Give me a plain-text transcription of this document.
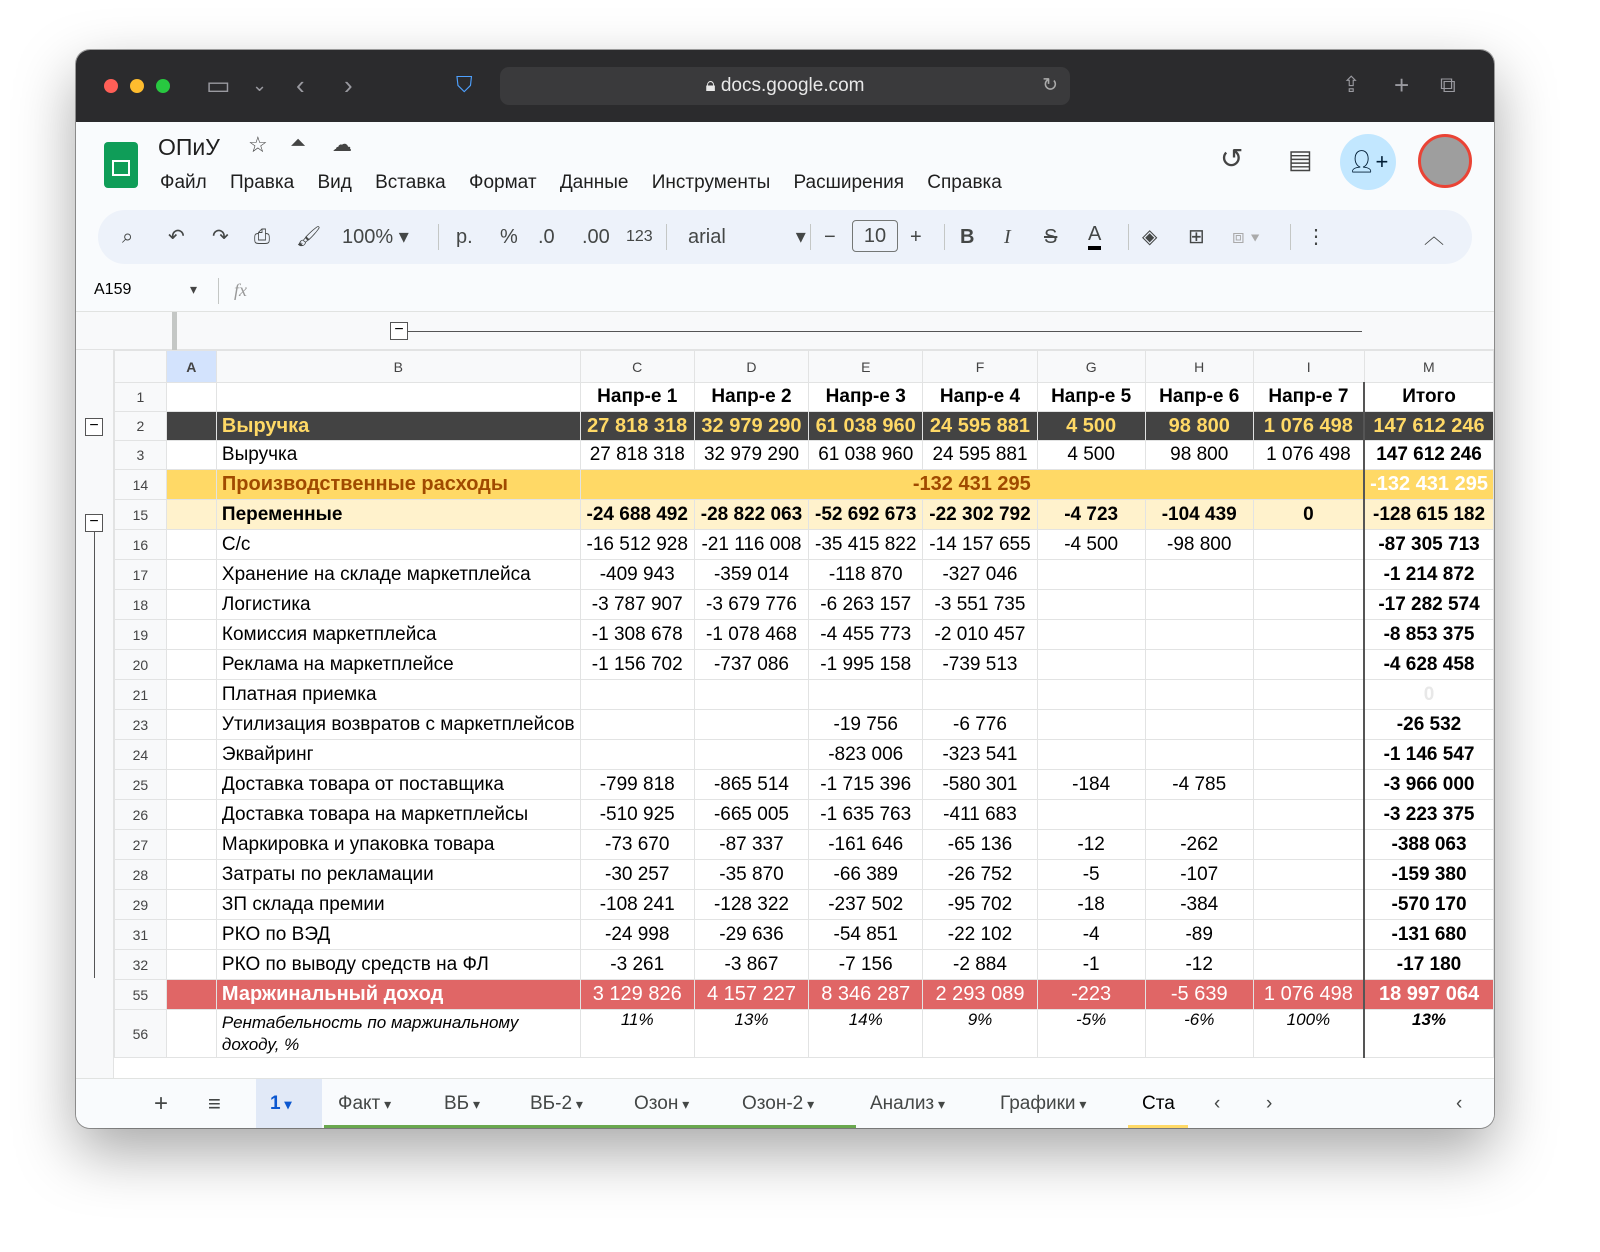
▭ ⌄ ‹ ›	⛉	🔒︎ docs.google.com	↻	⇪ + ⧉
ОПиУ ☆ ⏶ ☁
Файл Правка Вид Вставка Формат Данные Инструменты Расширения Справка
↺ ▤	👤︎+
⌕ ↶ ↷ ⎙ 🖌︎ 100% ▾ р. % .0 .00 123 arial	▾ −	10	+ B I S A ◈ ⊞ ⧈ ▾ ⋮	︿
A159	▾ fx
−
−
−
	A	B	C	D	E	F	G	H	I	M
1			Напр-е 1	Напр-е 2	Напр-е 3	Напр-е 4	Напр-е 5	Напр-е 6	Напр-е 7	Итого
2		Выручка	27 818 318	32 979 290	61 038 960	24 595 881	4 500	98 800	1 076 498	147 612 246
3		Выручка	27 818 318	32 979 290	61 038 960	24 595 881	4 500	98 800	1 076 498	147 612 246
14		Производственные расходы	-132 431 295							-132 431 295
15		Переменные	-24 688 492	-28 822 063	-52 692 673	-22 302 792	-4 723	-104 439	0	-128 615 182
16		С/с	-16 512 928	-21 116 008	-35 415 822	-14 157 655	-4 500	-98 800		-87 305 713
17		Хранение на складе маркетплейса	-409 943	-359 014	-118 870	-327 046				-1 214 872
18		Логистика	-3 787 907	-3 679 776	-6 263 157	-3 551 735				-17 282 574
19		Комиссия маркетплейса	-1 308 678	-1 078 468	-4 455 773	-2 010 457				-8 853 375
20		Реклама на маркетплейсе	-1 156 702	-737 086	-1 995 158	-739 513				-4 628 458
21		Платная приемка								0
23		Утилизация возвратов с маркетплейсов			-19 756	-6 776				-26 532
24		Эквайринг			-823 006	-323 541				-1 146 547
25		Доставка товара от поставщика	-799 818	-865 514	-1 715 396	-580 301	-184	-4 785		-3 966 000
26		Доставка товара на маркетплейсы	-510 925	-665 005	-1 635 763	-411 683				-3 223 375
27		Маркировка и упаковка товара	-73 670	-87 337	-161 646	-65 136	-12	-262		-388 063
28		Затраты по рекламации	-30 257	-35 870	-66 389	-26 752	-5	-107		-159 380
29		ЗП склада премии	-108 241	-128 322	-237 502	-95 702	-18	-384		-570 170
31		РКО по ВЭД	-24 998	-29 636	-54 851	-22 102	-4	-89		-131 680
32		РКО по выводу средств на ФЛ	-3 261	-3 867	-7 156	-2 884	-1	-12		-17 180
55		Маржинальный доход	3 129 826	4 157 227	8 346 287	2 293 089	-223	-5 639	1 076 498	18 997 064
56		Рентабельность по маржинальному доходу, %	11%	13%	14%	9%	-5%	-6%	100%	13%
+	≡	1 ▾	Факт ▾	ВБ ▾	ВБ-2 ▾	Озон ▾	Озон-2 ▾	Анализ ▾	Графики ▾	Ста	‹	›	‹
